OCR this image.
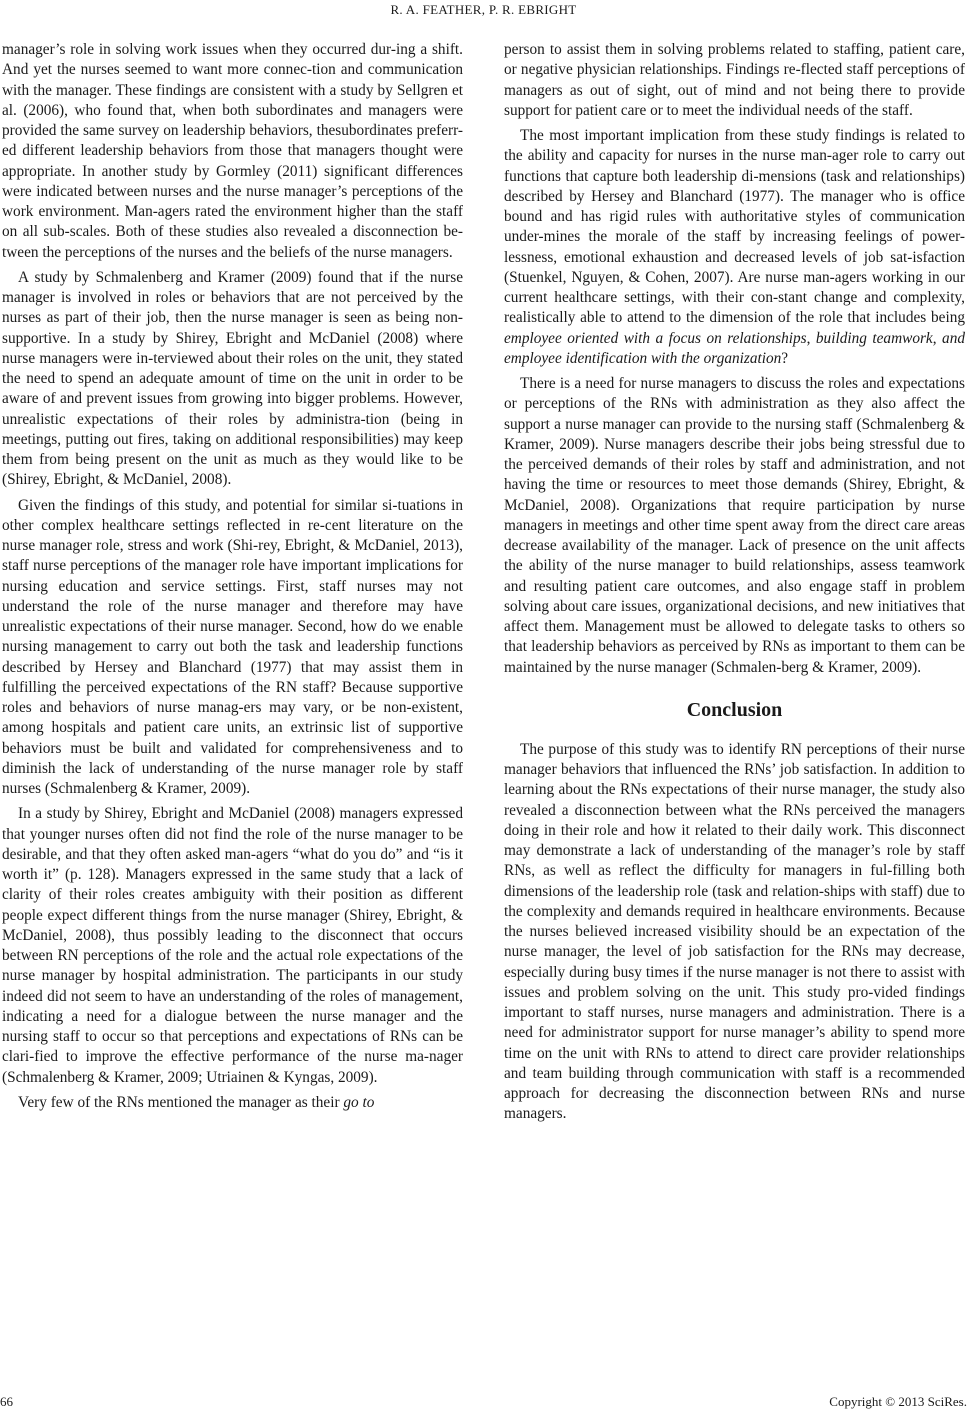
R. A. FEATHER, P. R. EBRIGHT

manager’s role in solving work issues when they occurred dur-ing a shift. And yet the nurses seemed to want more connec-tion and communication with the manager. These findings are consistent with a study by Sellgren et al. (2006), who found that, when both subordinates and managers were provided the same survey on leadership behaviors, thesubordinates preferr-ed different leadership behaviors from those that managers thought were appropriate. In another study by Gormley (2011) significant differences were indicated between nurses and the nurse manager’s perceptions of the work environment. Man-agers rated the environment higher than the staff on all sub-scales. Both of these studies also revealed a disconnection be-tween the perceptions of the nurses and the beliefs of the nurse managers.

A study by Schmalenberg and Kramer (2009) found that if the nurse manager is involved in roles or behaviors that are not perceived by the nurses as part of their job, then the nurse manager is seen as being non-supportive. In a study by Shirey, Ebright and McDaniel (2008) where nurse managers were in-terviewed about their roles on the unit, they stated the need to spend an adequate amount of time on the unit in order to be aware of and prevent issues from growing into bigger problems. However, unrealistic expectations of their roles by administra-tion (being in meetings, putting out fires, taking on additional responsibilities) may keep them from being present on the unit as much as they would like to be (Shirey, Ebright, & McDaniel, 2008).

Given the findings of this study, and potential for similar si-tuations in other complex healthcare settings reflected in re-cent literature on the nurse manager role, stress and work (Shi-rey, Ebright, & McDaniel, 2013), staff nurse perceptions of the manager role have important implications for nursing education and service settings. First, staff nurses may not understand the role of the nurse manager and therefore may have unrealistic expectations of their nurse manager. Second, how do we enable nursing management to carry out both the task and leadership functions described by Hersey and Blanchard (1977) that may assist them in fulfilling the perceived expectations of the RN staff? Because supportive roles and behaviors of nurse manag-ers may vary, or be non-existent, among hospitals and patient care units, an extrinsic list of supportive behaviors must be built and validated for comprehensiveness and to diminish the lack of understanding of the nurse manager role by staff nurses (Schmalenberg & Kramer, 2009).

In a study by Shirey, Ebright and McDaniel (2008) managers expressed that younger nurses often did not find the role of the nurse manager to be desirable, and that they often asked man-agers “what do you do” and “is it worth it” (p. 128). Managers expressed in the same study that a lack of clarity of their roles creates ambiguity with their position as different people expect different things from the nurse manager (Shirey, Ebright, & McDaniel, 2008), thus possibly leading to the disconnect that occurs between RN perceptions of the role and the actual role expectations of the nurse manager by hospital administration. The participants in our study indeed did not seem to have an understanding of the roles of management, indicating a need for a dialogue between the nurse manager and the nursing staff to occur so that perceptions and expectations of RNs can be clari-fied to improve the effective performance of the nurse ma-nager (Schmalenberg & Kramer, 2009; Utriainen & Kyngas, 2009).

Very few of the RNs mentioned the manager as their go to

person to assist them in solving problems related to staffing, patient care, or negative physician relationships. Findings re-flected staff perceptions of managers as out of sight, out of mind and not being there to provide support for patient care or to meet the individual needs of the staff.

The most important implication from these study findings is related to the ability and capacity for nurses in the nurse man-ager role to carry out functions that capture both leadership di-mensions (task and relationships) described by Hersey and Blanchard (1977). The manager who is office bound and has rigid rules with authoritative styles of communication under-mines the morale of the staff by increasing feelings of power-lessness, emotional exhaustion and decreased levels of job sat-isfaction (Stuenkel, Nguyen, & Cohen, 2007). Are nurse man-agers working in our current healthcare settings, with their con-stant change and complexity, realistically able to attend to the dimension of the role that includes being employee oriented with a focus on relationships, building teamwork, and employee identification with the organization?

There is a need for nurse managers to discuss the roles and expectations or perceptions of the RNs with administration as they also affect the support a nurse manager can provide to the nursing staff (Schmalenberg & Kramer, 2009). Nurse managers describe their jobs being stressful due to the perceived demands of their roles by staff and administration, and not having the time or resources to meet those demands (Shirey, Ebright, & McDaniel, 2008). Organizations that require participation by nurse managers in meetings and other time spent away from the direct care areas decrease availability of the manager. Lack of presence on the unit affects the ability of the nurse manager to build relationships, assess teamwork and resulting patient care outcomes, and also engage staff in problem solving about care issues, organizational decisions, and new initiatives that affect them. Management must be allowed to delegate tasks to others so that leadership behaviors as perceived by RNs as important to them can be maintained by the nurse manager (Schmalen-berg & Kramer, 2009).

Conclusion

The purpose of this study was to identify RN perceptions of their nurse manager behaviors that influenced the RNs’ job satisfaction. In addition to learning about the RNs expectations of their nurse manager, the study also revealed a disconnection between what the RNs perceived the managers doing in their role and how it related to their daily work. This disconnect may demonstrate a lack of understanding of the manager’s role by staff RNs, as well as reflect the difficulty for managers in ful-filling both dimensions of the leadership role (task and relation-ships with staff) due to the complexity and demands required in healthcare environments. Because the nurses believed increased visibility should be an expectation of the nurse manager, the level of job satisfaction for the RNs may decrease, especially during busy times if the nurse manager is not there to assist with issues and problem solving on the unit. This study pro-vided findings important to staff nurses, nurse managers and administration. There is a need for administrator support for nurse manager’s ability to spend more time on the unit with RNs to attend to direct care provider relationships and team building through communication with staff is a recommended approach for decreasing the disconnection between RNs and nurse managers.

66	Copyright © 2013 SciRes.
